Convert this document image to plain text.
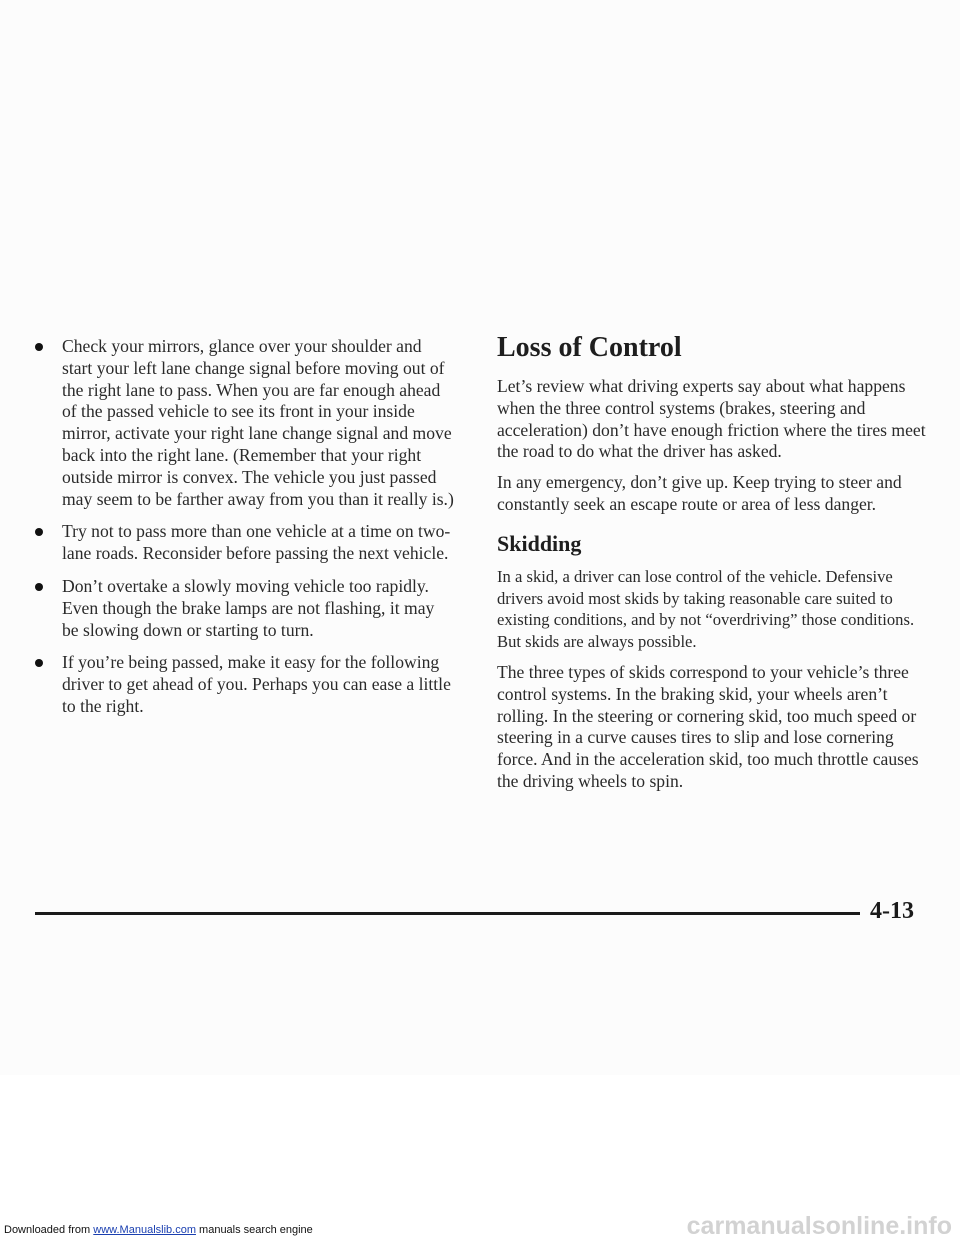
Check your mirrors, glance over your shoulder and start your left lane change signal before moving out of the right lane to pass. When you are far enough ahead of the passed vehicle to see its front in your inside mirror, activate your right lane change signal and move back into the right lane. (Remember that your right outside mirror is convex. The vehicle you just passed may seem to be farther away from you than it really is.)
Try not to pass more than one vehicle at a time on two-lane roads. Reconsider before passing the next vehicle.
Don’t overtake a slowly moving vehicle too rapidly. Even though the brake lamps are not flashing, it may be slowing down or starting to turn.
If you’re being passed, make it easy for the following driver to get ahead of you. Perhaps you can ease a little to the right.
Loss of Control

Let’s review what driving experts say about what happens when the three control systems (brakes, steering and acceleration) don’t have enough friction where the tires meet the road to do what the driver has asked.

In any emergency, don’t give up. Keep trying to steer and constantly seek an escape route or area of less danger.

Skidding

In a skid, a driver can lose control of the vehicle. Defensive drivers avoid most skids by taking reasonable care suited to existing conditions, and by not “overdriving” those conditions. But skids are always possible.

The three types of skids correspond to your vehicle’s three control systems. In the braking skid, your wheels aren’t rolling. In the steering or cornering skid, too much speed or steering in a curve causes tires to slip and lose cornering force. And in the acceleration skid, too much throttle causes the driving wheels to spin.

4-13
Downloaded from www.Manualslib.com manuals search engine	carmanualsonline.info
